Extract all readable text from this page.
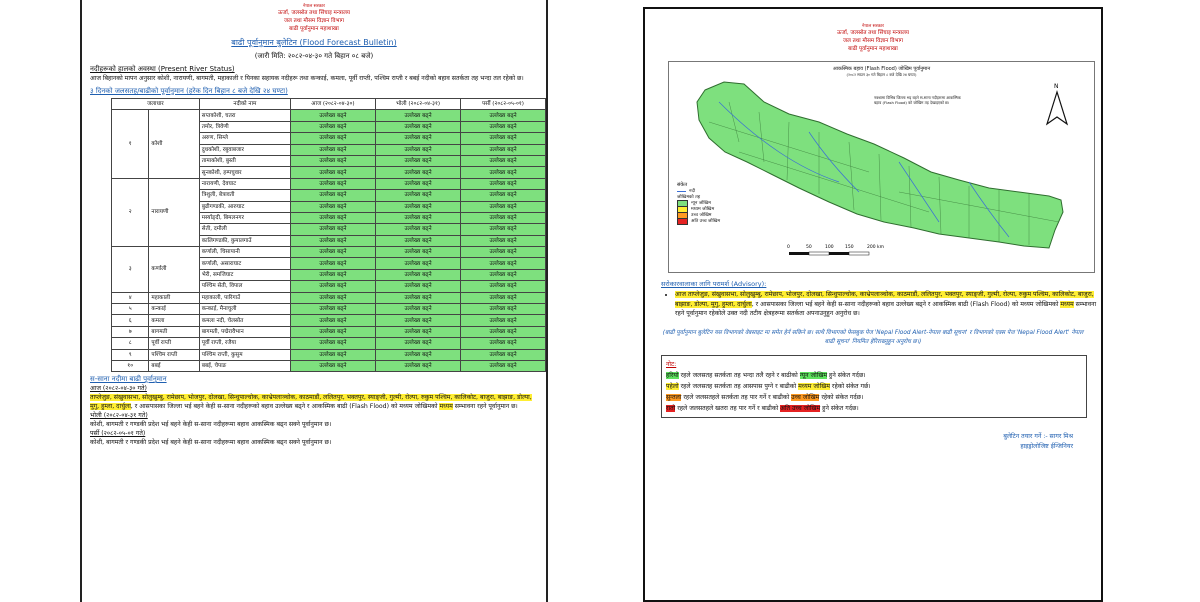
नेपाल सरकार
ऊर्जा, जलस्रोत तथा सिंचाइ मन्त्रालय
जल तथा मौसम विज्ञान विभाग
बाढी पूर्वानुमान महाशाखा
बाढी पूर्वानुमान बुलेटिन (Flood Forecast Bulletin)
(जारी मिति: २०८२-०४-३० गते बिहान ०८ बजे)
नदीहरूको हालको अवस्था (Present River Status)
आज बिहानको मापन अनुसार कोशी, नारायणी, बागमती, महाकाली र यिनका सहायक नदीहरू तथा कन्काई, कमला, पूर्वी राप्ती, पश्चिम राप्ती र बबई नदीको बहाव सतर्कता तह भन्दा तल रहेको छ।
३ दिनको जलसतह/बाढीको पूर्वानुमान (हरेक दिन बिहान ८ बजे देखि २४ घण्टा)
जलाधार		नदीको नाम	आज (२०८२-०४-३०)	भोली (२०८२-०४-३१)	पर्सी (२०८२-०५-०१)
१	कोशी	सप्तकोशी, चतरा	उल्लेख्य बढ्ने	उल्लेख्य बढ्ने	उल्लेख्य बढ्ने
		तमोर, त्रिवेणी	उल्लेख्य बढ्ने	उल्लेख्य बढ्ने	उल्लेख्य बढ्ने
		अरुण, सिम्ले	उल्लेख्य बढ्ने	उल्लेख्य बढ्ने	उल्लेख्य बढ्ने
		दुधकोशी, रबुवाबजार	उल्लेख्य बढ्ने	उल्लेख्य बढ्ने	उल्लेख्य बढ्ने
		तामाकोशी, बुस्ती	उल्लेख्य बढ्ने	उल्लेख्य बढ्ने	उल्लेख्य बढ्ने
		सुनकोशी, हम्पचुवार	उल्लेख्य बढ्ने	उल्लेख्य बढ्ने	उल्लेख्य बढ्ने
२	नारायणी	नारायणी, देवघाट	उल्लेख्य बढ्ने	उल्लेख्य बढ्ने	उल्लेख्य बढ्ने
		त्रिशुली, बेत्रावती	उल्लेख्य बढ्ने	उल्लेख्य बढ्ने	उल्लेख्य बढ्ने
		बुढीगण्डकी, आरुघाट	उल्लेख्य बढ्ने	उल्लेख्य बढ्ने	उल्लेख्य बढ्ने
		मर्स्याङ्दी, बिमलनगर	उल्लेख्य बढ्ने	उल्लेख्य बढ्ने	उल्लेख्य बढ्ने
		सेती, दमौली	उल्लेख्य बढ्ने	उल्लेख्य बढ्ने	उल्लेख्य बढ्ने
		कालिगण्डकी, कुमालगाउँ	उल्लेख्य बढ्ने	उल्लेख्य बढ्ने	उल्लेख्य बढ्ने
३	कर्णाली	कर्णाली, चिसापानी	उल्लेख्य बढ्ने	उल्लेख्य बढ्ने	उल्लेख्य बढ्ने
		कर्णाली, असाराघाट	उल्लेख्य बढ्ने	उल्लेख्य बढ्ने	उल्लेख्य बढ्ने
		भेरी, समजिघाट	उल्लेख्य बढ्ने	उल्लेख्य बढ्ने	उल्लेख्य बढ्ने
		पश्चिम सेती, विपाल	उल्लेख्य बढ्ने	उल्लेख्य बढ्ने	उल्लेख्य बढ्ने
४	महाकाली	महाकाली, पारिगाउँ	उल्लेख्य बढ्ने	उल्लेख्य बढ्ने	उल्लेख्य बढ्ने
५	कन्काई	कन्काई, मैनाचुली	उल्लेख्य बढ्ने	उल्लेख्य बढ्ने	उल्लेख्य बढ्ने
६	कमला	कमला नदी, चेलसोत	उल्लेख्य बढ्ने	उल्लेख्य बढ्ने	उल्लेख्य बढ्ने
७	बागमती	बागमती, पद्मेरावैभान	उल्लेख्य बढ्ने	उल्लेख्य बढ्ने	उल्लेख्य बढ्ने
८	पूर्वी राप्ती	पूर्वी राप्ती, रजैया	उल्लेख्य बढ्ने	उल्लेख्य बढ्ने	उल्लेख्य बढ्ने
९	पश्चिम राप्ती	पश्चिम राप्ती, कुसुम	उल्लेख्य बढ्ने	उल्लेख्य बढ्ने	उल्लेख्य बढ्ने
१०	बबई	बबई, चेपाङ	उल्लेख्य बढ्ने	उल्लेख्य बढ्ने	उल्लेख्य बढ्ने
स-साना नदीमा बाढी पूर्वानुमान
आज (२०८२-०४-३० गते)
ताप्लेजुङ, संखुवासभा, सोलुखुम्बु, रामेछाप, भोजपुर, दोलखा, सिन्धुपाल्चोक, काभ्रेपलाञ्चोक, काठमाडौं, ललितपुर, भक्तपुर, स्याङ्जी, गुल्मी, रोल्पा, रुकुम पश्चिम, कालिकोट, बाजुरा, बाझाङ, डोल्पा, मुगु, हुम्ला, दार्चुला, र आसपासका जिल्ला भई बहने केही स-साना नदीहरूको बहाव उल्लेख्य बढ्ने र आकस्मिक बाढी (Flash Flood) को मध्यम जोखिमको मध्यम सम्भावना रहने पूर्वानुमान छ।
भोली (२०८२-०४-३१ गते)
कोशी, बागमती र गण्डकी प्रदेश भई बहने केही स-साना नदीहरूमा बहाव आकस्मिक बढ्न सक्ने पूर्वानुमान छ।
पर्सी (२०८२-०५-०१ गते)
कोशी, बागमती र गण्डकी प्रदेश भई बहने केही स-साना नदीहरूमा बहाव आकस्मिक बढ्न सक्ने पूर्वानुमान छ।
नेपाल सरकार
ऊर्जा, जलस्रोत तथा सिंचाइ मन्त्रालय
जल तथा मौसम विज्ञान विभाग
बाढी पूर्वानुमान महाशाखा
आकस्मिक बहाव (Flash Flood) जोखिम पूर्वानुमान
(२०८२ साउन ३० गते बिहान ८ बजे देखि २४ घण्टा)
N
0	50	100	150	200 km
नक्शामा विभिन्न जिल्ला भइ बहने स-साना नदीहरूमा आकस्मिक बहाव (Flash Flood) को जोखिम तह देखाइएको छ।
संकेत
नदी
जोखिमको तह
न्यून जोखिम
मध्यम जोखिम
उच्च जोखिम
अति उच्च जोखिम
सरोकारवालाका लागि परामर्श (Advisory):
• आज ताप्लेजुङ, संखुवासभा, सोलुखुम्बु, रामेछाप, भोजपुर, दोलखा, सिन्धुपाल्चोक, काभ्रेपलाञ्चोक, काठमाडौं, ललितपुर, भक्तपुर, स्याङ्जी, गुल्मी, रोल्पा, रुकुम पश्चिम, कालिकोट, बाजुरा, बाझाङ, डोल्पा, मुगु, हुम्ला, दार्चुला, र आसपासका जिल्ला भई बहने केही स-साना नदीहरूको बहाव उल्लेख्य बढ्ने र आकस्मिक बाढी (Flash Flood) को मध्यम जोखिमको मध्यम सम्भावना रहने पूर्वानुमान रहेकोले उक्त नदी तटीय क्षेत्रहरूमा सतर्कता अपनाउनुहुन अनुरोध छ।
(बाढी पूर्वानुमान बुलेटिन यस विभागको वेबसाइट मा समेत हेर्न सकिने छ। साथै विभागको फेसबुक पेज 'Nepal Flood Alert-नेपाल बाढी सूचना' र विभागको एक्स पेज 'Nepal Flood Alert' नेपाल बाढी सूचना' नियमित हेरिराख्नुहुन अनुरोध छ।)
नोट:
हरियो रहले जलसतह सतर्कता तह भन्दा तलै रहने र बाढीको न्यून जोखिम हुने संकेत गर्दछ।
पहेलो रहले जलसतह सतर्कता तह आसपास पुग्ने र बाढीको मध्यम जोखिम रहेको संकेत गर्छ।
सुन्तला रहले जलसतहले सतर्कता तह पार गर्ने र बाढीको उच्च जोखिम रहेको संकेत गर्दछ।
रातो रहले जलसतहले खतरा तह पार गर्ने र बाढीको अति उच्च जोखिम हुने संकेत गर्दछ।
बुलेटिन तयार गर्ने :- सागर मिश्र
हाइड्रोलोजिष्ट ईन्जिनियर
